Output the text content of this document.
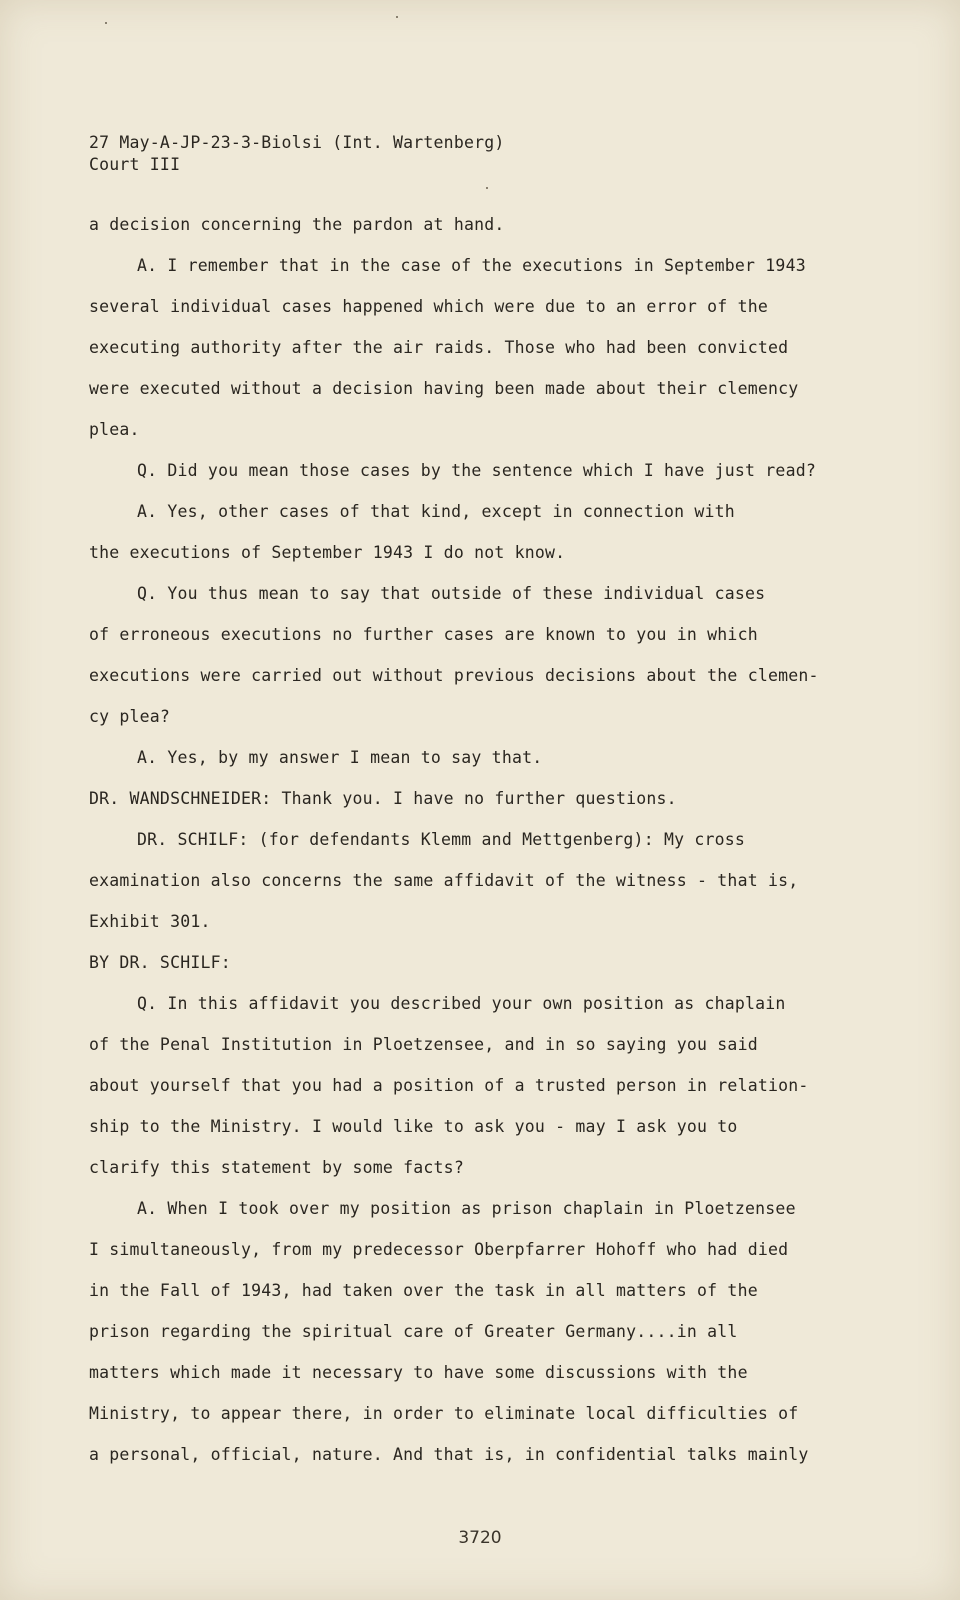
27 May-A-JP-23-3-Biolsi (Int. Wartenberg)
Court III
a decision concerning the pardon at hand.
A. I remember that in the case of the executions in September 1943
several individual cases happened which were due to an error of the
executing authority after the air raids. Those who had been convicted
were executed without a decision having been made about their clemency
plea.
Q. Did you mean those cases by the sentence which I have just read?
A. Yes, other cases of that kind, except in connection with
the executions of September 1943 I do not know.
Q. You thus mean to say that outside of these individual cases
of erroneous executions no further cases are known to you in which
executions were carried out without previous decisions about the clemen-
cy plea?
A. Yes, by my answer I mean to say that.
DR. WANDSCHNEIDER: Thank you. I have no further questions.
DR. SCHILF: (for defendants Klemm and Mettgenberg): My cross
examination also concerns the same affidavit of the witness - that is,
Exhibit 301.
BY DR. SCHILF:
Q. In this affidavit you described your own position as chaplain
of the Penal Institution in Ploetzensee, and in so saying you said
about yourself that you had a position of a trusted person in relation-
ship to the Ministry. I would like to ask you - may I ask you to
clarify this statement by some facts?
A. When I took over my position as prison chaplain in Ploetzensee
I simultaneously, from my predecessor Oberpfarrer Hohoff who had died
in the Fall of 1943, had taken over the task in all matters of the
prison regarding the spiritual care of Greater Germany....in all
matters which made it necessary to have some discussions with the
Ministry, to appear there, in order to eliminate local difficulties of
a personal, official, nature. And that is, in confidential talks mainly
3720
